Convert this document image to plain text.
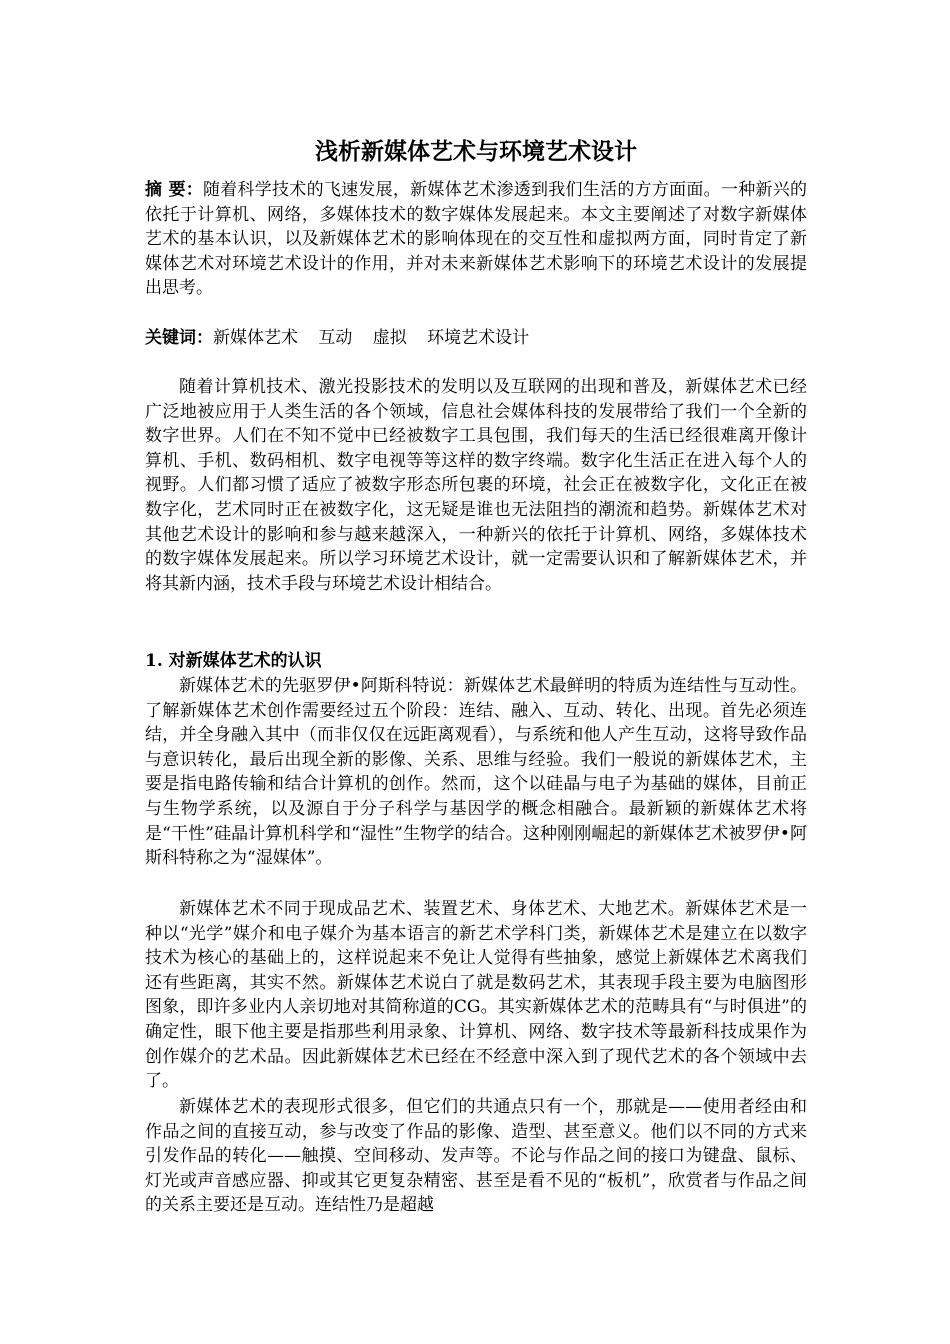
浅析新媒体艺术与环境艺术设计

摘 要：随着科学技术的飞速发展，新媒体艺术渗透到我们生活的方方面面。一种新兴的依托于计算机、网络，多媒体技术的数字媒体发展起来。本文主要阐述了对数字新媒体艺术的基本认识，以及新媒体艺术的影响体现在的交互性和虚拟两方面，同时肯定了新媒体艺术对环境艺术设计的作用，并对未来新媒体艺术影响下的环境艺术设计的发展提出思考。

关键词：新媒体艺术 互动 虚拟 环境艺术设计

随着计算机技术、激光投影技术的发明以及互联网的出现和普及，新媒体艺术已经广泛地被应用于人类生活的各个领域，信息社会媒体科技的发展带给了我们一个全新的数字世界。人们在不知不觉中已经被数字工具包围，我们每天的生活已经很难离开像计算机、手机、数码相机、数字电视等等这样的数字终端。数字化生活正在进入每个人的视野。人们都习惯了适应了被数字形态所包裹的环境，社会正在被数字化，文化正在被数字化，艺术同时正在被数字化，这无疑是谁也无法阻挡的潮流和趋势。新媒体艺术对其他艺术设计的影响和参与越来越深入，一种新兴的依托于计算机、网络，多媒体技术的数字媒体发展起来。所以学习环境艺术设计，就一定需要认识和了解新媒体艺术，并将其新内涵，技术手段与环境艺术设计相结合。

1. 对新媒体艺术的认识

新媒体艺术的先驱罗伊•阿斯科特说：新媒体艺术最鲜明的特质为连结性与互动性。了解新媒体艺术创作需要经过五个阶段：连结、融入、互动、转化、出现。首先必须连结，并全身融入其中（而非仅仅在远距离观看），与系统和他人产生互动，这将导致作品与意识转化，最后出现全新的影像、关系、思维与经验。我们一般说的新媒体艺术，主要是指电路传输和结合计算机的创作。然而，这个以硅晶与电子为基础的媒体，目前正与生物学系统，以及源自于分子科学与基因学的概念相融合。最新颖的新媒体艺术将是“干性”硅晶计算机科学和“湿性”生物学的结合。这种刚刚崛起的新媒体艺术被罗伊•阿斯科特称之为“湿媒体”。

新媒体艺术不同于现成品艺术、装置艺术、身体艺术、大地艺术。新媒体艺术是一种以“光学”媒介和电子媒介为基本语言的新艺术学科门类，新媒体艺术是建立在以数字技术为核心的基础上的，这样说起来不免让人觉得有些抽象，感觉上新媒体艺术离我们还有些距离，其实不然。新媒体艺术说白了就是数码艺术，其表现手段主要为电脑图形图象，即许多业内人亲切地对其简称道的CG。其实新媒体艺术的范畴具有“与时俱进”的确定性，眼下他主要是指那些利用录象、计算机、网络、数字技术等最新科技成果作为创作媒介的艺术品。因此新媒体艺术已经在不经意中深入到了现代艺术的各个领域中去了。

新媒体艺术的表现形式很多，但它们的共通点只有一个，那就是——使用者经由和作品之间的直接互动，参与改变了作品的影像、造型、甚至意义。他们以不同的方式来引发作品的转化——触摸、空间移动、发声等。不论与作品之间的接口为键盘、鼠标、灯光或声音感应器、抑或其它更复杂精密、甚至是看不见的“板机”，欣赏者与作品之间的关系主要还是互动。连结性乃是超越
